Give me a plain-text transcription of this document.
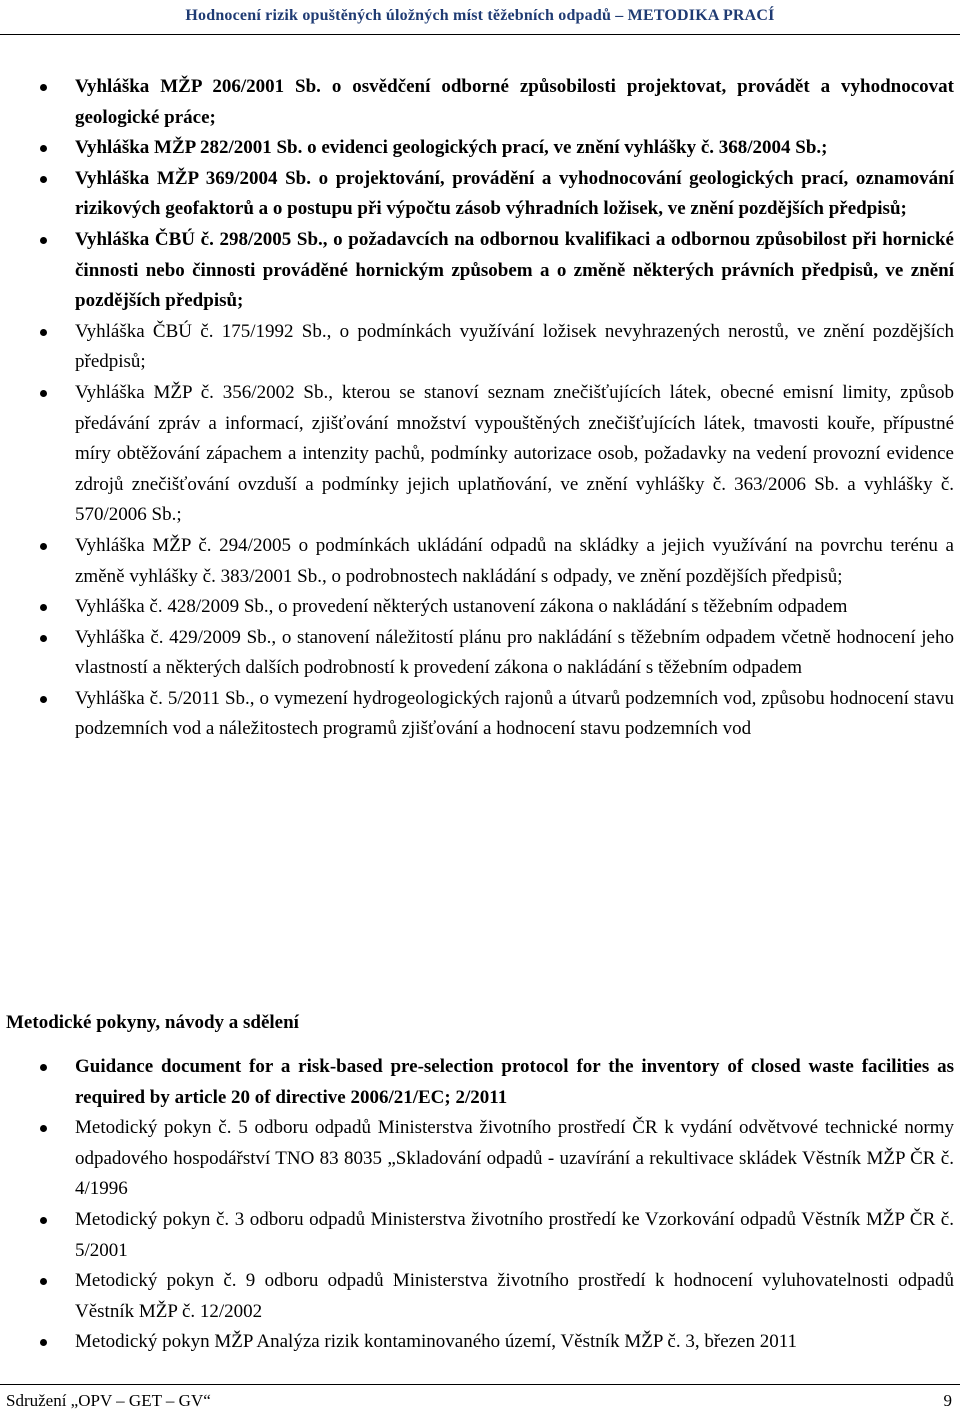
Hodnocení rizik opuštěných úložných míst těžebních odpadů – METODIKA PRACÍ
Vyhláška MŽP 206/2001 Sb. o osvědčení odborné způsobilosti projektovat, provádět a vyhodnocovat geologické práce;
Vyhláška MŽP 282/2001 Sb. o evidenci geologických prací, ve znění vyhlášky č. 368/2004 Sb.;
Vyhláška MŽP 369/2004 Sb. o projektování, provádění a vyhodnocování geologických prací, oznamování rizikových geofaktorů a o postupu při výpočtu zásob výhradních ložisek, ve znění pozdějších předpisů;
Vyhláška ČBÚ č. 298/2005 Sb., o požadavcích na odbornou kvalifikaci a odbornou způsobilost při hornické činnosti nebo činnosti prováděné hornickým způsobem a o změně některých právních předpisů, ve znění pozdějších předpisů;
Vyhláška ČBÚ č. 175/1992 Sb., o podmínkách využívání ložisek nevyhrazených nerostů, ve znění pozdějších předpisů;
Vyhláška MŽP č. 356/2002 Sb., kterou se stanoví seznam znečišťujících látek, obecné emisní limity, způsob předávání zpráv a informací, zjišťování množství vypouštěných znečišťujících látek, tmavosti kouře, přípustné míry obtěžování zápachem a intenzity pachů, podmínky autorizace osob, požadavky na vedení provozní evidence zdrojů znečišťování ovzduší a podmínky jejich uplatňování, ve znění vyhlášky č. 363/2006 Sb. a vyhlášky č. 570/2006 Sb.;
Vyhláška MŽP č. 294/2005 o podmínkách ukládání odpadů na skládky a jejich využívání na povrchu terénu a změně vyhlášky č. 383/2001 Sb., o podrobnostech nakládání s odpady, ve znění pozdějších předpisů;
Vyhláška č. 428/2009 Sb., o provedení některých ustanovení zákona o nakládání s těžebním odpadem
Vyhláška č. 429/2009 Sb., o stanovení náležitostí plánu pro nakládání s těžebním odpadem včetně hodnocení jeho vlastností a některých dalších podrobností k provedení zákona o nakládání s těžebním odpadem
Vyhláška č. 5/2011 Sb., o vymezení hydrogeologických rajonů a útvarů podzemních vod, způsobu hodnocení stavu podzemních vod a náležitostech programů zjišťování a hodnocení stavu podzemních vod
Metodické pokyny, návody a sdělení
Guidance document for a risk-based pre-selection protocol for the inventory of closed waste facilities as required by article 20 of directive 2006/21/EC; 2/2011
Metodický pokyn č. 5 odboru odpadů Ministerstva životního prostředí ČR k vydání odvětvové technické normy odpadového hospodářství TNO 83 8035 „Skladování odpadů - uzavírání a rekultivace skládek Věstník MŽP ČR č. 4/1996
Metodický pokyn č. 3 odboru odpadů Ministerstva životního prostředí ke Vzorkování odpadů Věstník MŽP ČR č. 5/2001
Metodický pokyn č. 9 odboru odpadů Ministerstva životního prostředí k hodnocení vyluhovatelnosti odpadů Věstník MŽP č. 12/2002
Metodický pokyn MŽP Analýza rizik kontaminovaného území, Věstník MŽP č. 3, březen 2011
Sdružení „OPV – GET – GV“	9
